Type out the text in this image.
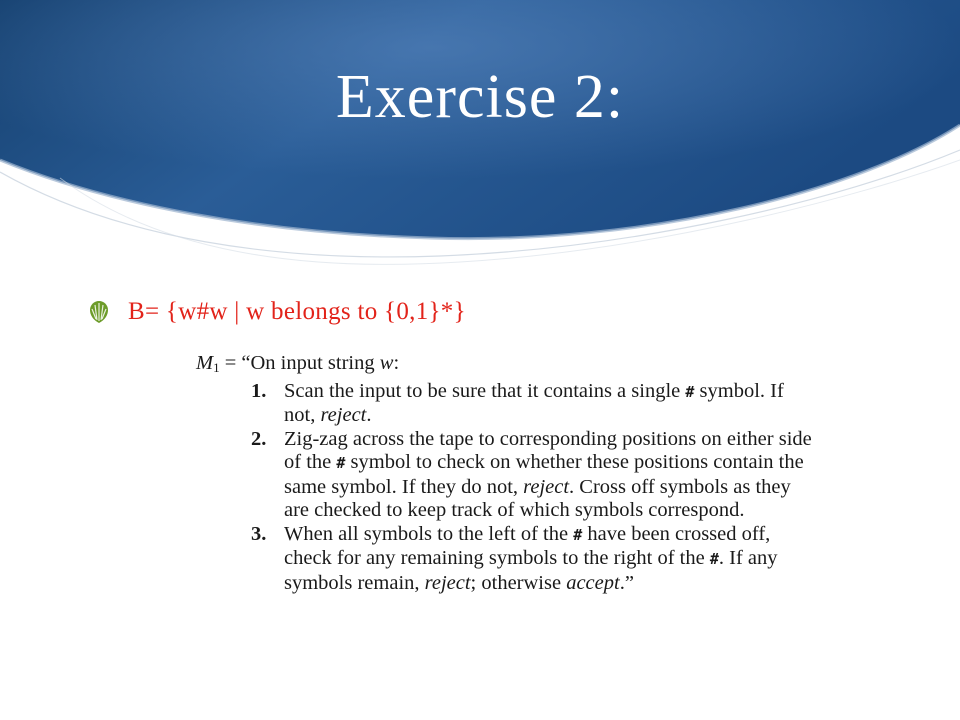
Exercise 2:
B= {w#w | w belongs to {0,1}*}
M1 = “On input string w:
1. Scan the input to be sure that it contains a single # symbol. If not, reject.
2. Zig-zag across the tape to corresponding positions on either side of the # symbol to check on whether these positions contain the same symbol. If they do not, reject. Cross off symbols as they are checked to keep track of which symbols correspond.
3. When all symbols to the left of the # have been crossed off, check for any remaining symbols to the right of the #. If any symbols remain, reject; otherwise accept.”
